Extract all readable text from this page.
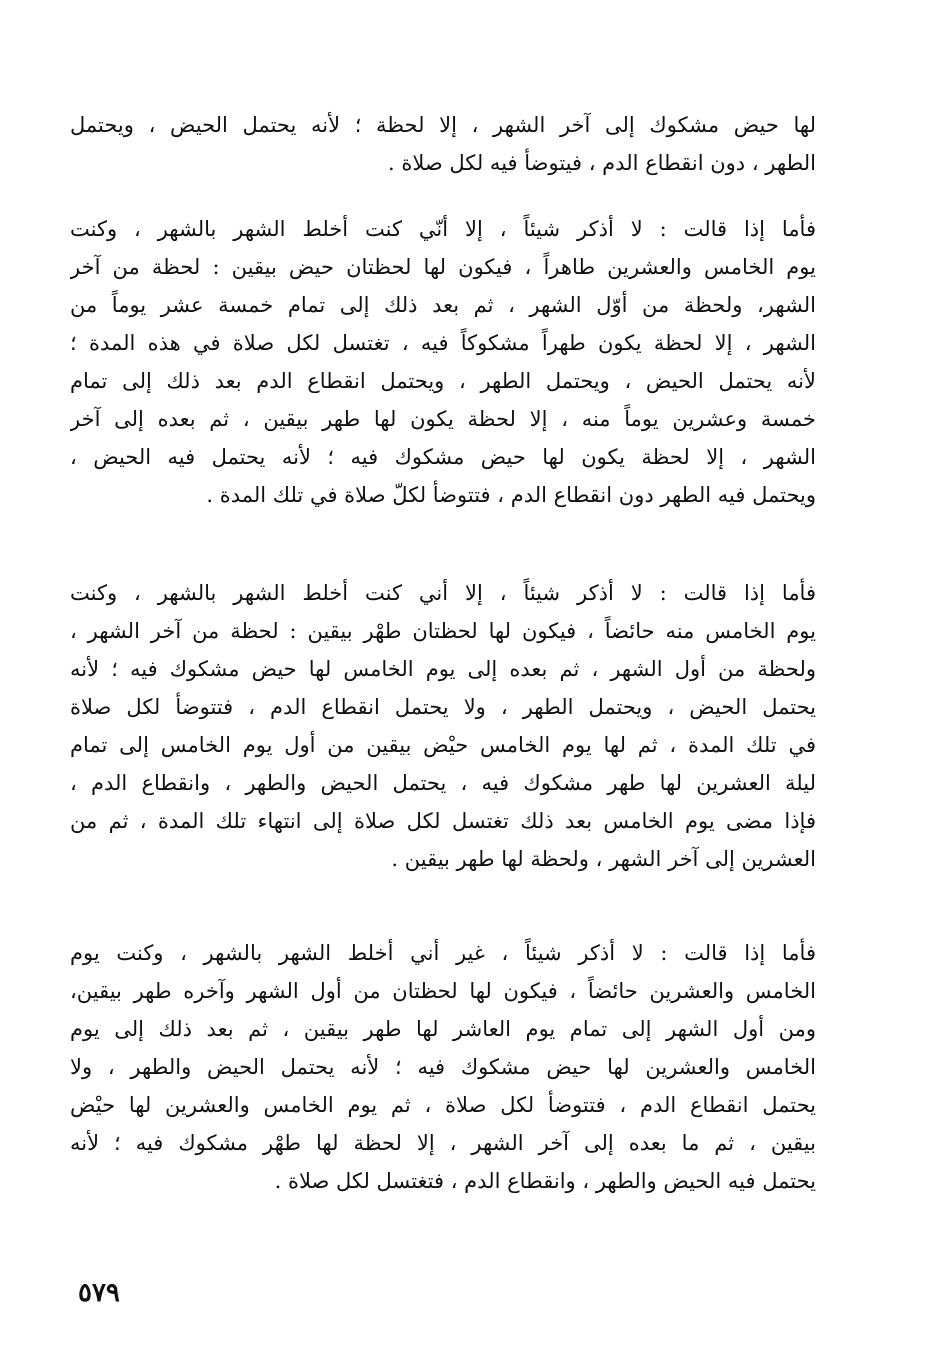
لها حيض مشكوك إلى آخر الشهر ، إلا لحظة ؛ لأنه يحتمل الحيض ، ويحتمل
الطهر ، دون انقطاع الدم ، فيتوضأ فيه لكل صلاة .
فأما إذا قالت : لا أذكر شيئاً ، إلا أنّي كنت أخلط الشهر بالشهر ، وكنت
يوم الخامس والعشرين طاهراً ، فيكون لها لحظتان حيض بيقين : لحظة من آخر
الشهر، ولحظة من أوّل الشهر ، ثم بعد ذلك إلى تمام خمسة عشر يوماً من
الشهر ، إلا لحظة يكون طهراً مشكوكاً فيه ، تغتسل لكل صلاة في هذه المدة ؛
لأنه يحتمل الحيض ، ويحتمل الطهر ، ويحتمل انقطاع الدم بعد ذلك إلى تمام
خمسة وعشرين يوماً منه ، إلا لحظة يكون لها طهر بيقين ، ثم بعده إلى آخر
الشهر ، إلا لحظة يكون لها حيض مشكوك فيه ؛ لأنه يحتمل فيه الحيض ،
ويحتمل فيه الطهر دون انقطاع الدم ، فتتوضأ لكلّ صلاة في تلك المدة .
فأما إذا قالت : لا أذكر شيئاً ، إلا أني كنت أخلط الشهر بالشهر ، وكنت
يوم الخامس منه حائضاً ، فيكون لها لحظتان طهْر بيقين : لحظة من آخر الشهر ،
ولحظة من أول الشهر ، ثم بعده إلى يوم الخامس لها حيض مشكوك فيه ؛ لأنه
يحتمل الحيض ، ويحتمل الطهر ، ولا يحتمل انقطاع الدم ، فتتوضأ لكل صلاة
في تلك المدة ، ثم لها يوم الخامس حيْض بيقين من أول يوم الخامس إلى تمام
ليلة العشرين لها طهر مشكوك فيه ، يحتمل الحيض والطهر ، وانقطاع الدم ،
فإذا مضى يوم الخامس بعد ذلك تغتسل لكل صلاة إلى انتهاء تلك المدة ، ثم من
العشرين إلى آخر الشهر ، ولحظة لها طهر بيقين .
فأما إذا قالت : لا أذكر شيئاً ، غير أني أخلط الشهر بالشهر ، وكنت يوم
الخامس والعشرين حائضاً ، فيكون لها لحظتان من أول الشهر وآخره طهر بيقين،
ومن أول الشهر إلى تمام يوم العاشر لها طهر بيقين ، ثم بعد ذلك إلى يوم
الخامس والعشرين لها حيض مشكوك فيه ؛ لأنه يحتمل الحيض والطهر ، ولا
يحتمل انقطاع الدم ، فتتوضأ لكل صلاة ، ثم يوم الخامس والعشرين لها حيْض
بيقين ، ثم ما بعده إلى آخر الشهر ، إلا لحظة لها طهْر مشكوك فيه ؛ لأنه
يحتمل فيه الحيض والطهر ، وانقطاع الدم ، فتغتسل لكل صلاة .
٥٧٩
